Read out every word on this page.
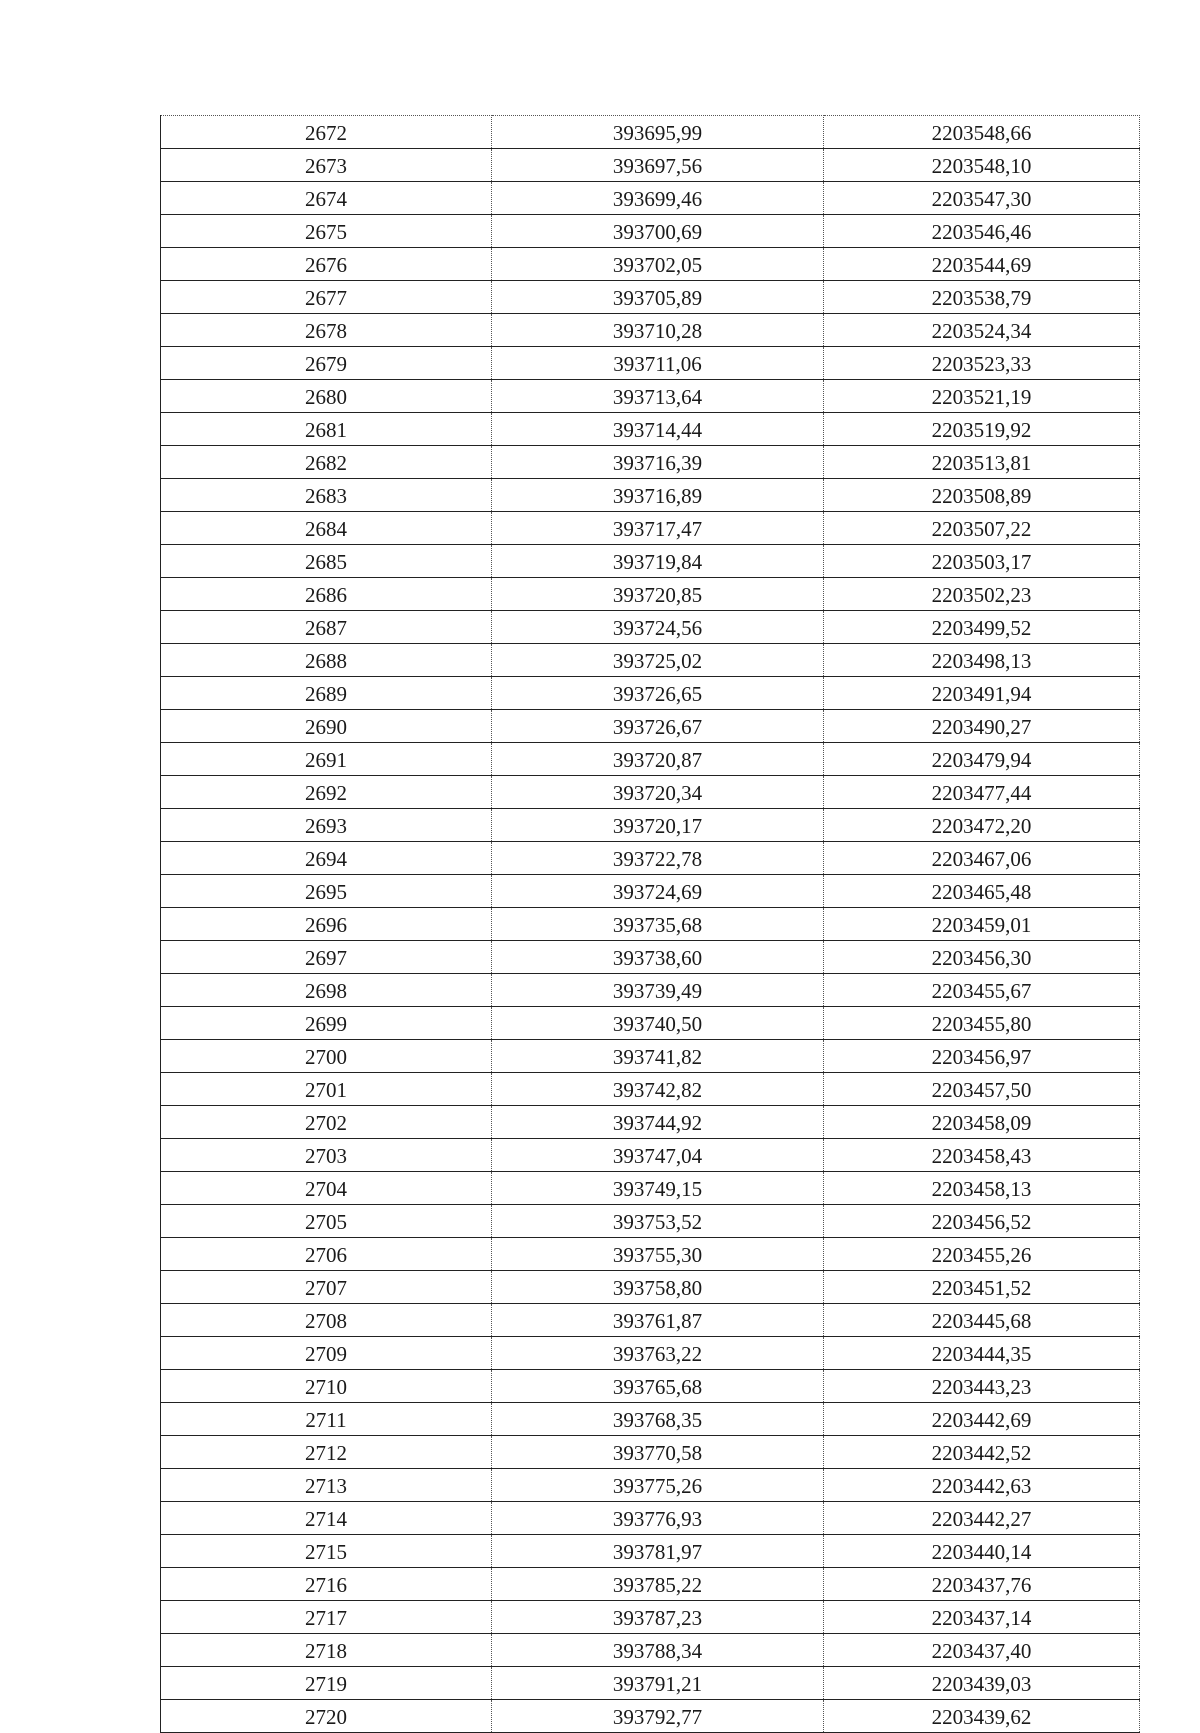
2672	393695,99	2203548,66
2673	393697,56	2203548,10
2674	393699,46	2203547,30
2675	393700,69	2203546,46
2676	393702,05	2203544,69
2677	393705,89	2203538,79
2678	393710,28	2203524,34
2679	393711,06	2203523,33
2680	393713,64	2203521,19
2681	393714,44	2203519,92
2682	393716,39	2203513,81
2683	393716,89	2203508,89
2684	393717,47	2203507,22
2685	393719,84	2203503,17
2686	393720,85	2203502,23
2687	393724,56	2203499,52
2688	393725,02	2203498,13
2689	393726,65	2203491,94
2690	393726,67	2203490,27
2691	393720,87	2203479,94
2692	393720,34	2203477,44
2693	393720,17	2203472,20
2694	393722,78	2203467,06
2695	393724,69	2203465,48
2696	393735,68	2203459,01
2697	393738,60	2203456,30
2698	393739,49	2203455,67
2699	393740,50	2203455,80
2700	393741,82	2203456,97
2701	393742,82	2203457,50
2702	393744,92	2203458,09
2703	393747,04	2203458,43
2704	393749,15	2203458,13
2705	393753,52	2203456,52
2706	393755,30	2203455,26
2707	393758,80	2203451,52
2708	393761,87	2203445,68
2709	393763,22	2203444,35
2710	393765,68	2203443,23
2711	393768,35	2203442,69
2712	393770,58	2203442,52
2713	393775,26	2203442,63
2714	393776,93	2203442,27
2715	393781,97	2203440,14
2716	393785,22	2203437,76
2717	393787,23	2203437,14
2718	393788,34	2203437,40
2719	393791,21	2203439,03
2720	393792,77	2203439,62
